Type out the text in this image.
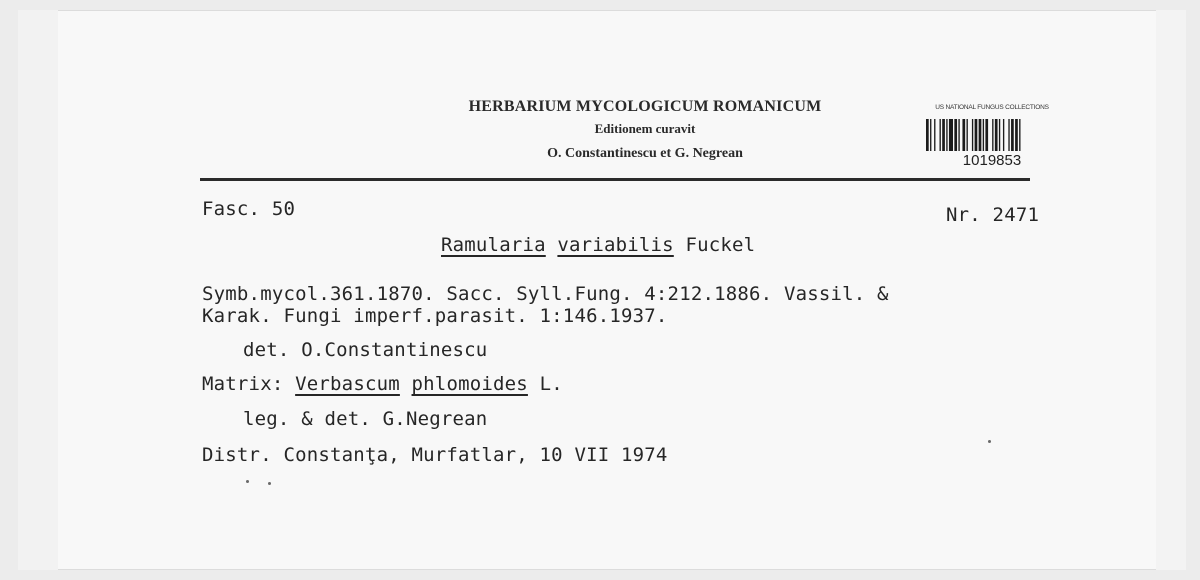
HERBARIUM MYCOLOGICUM ROMANICUM
Editionem curavit
O. Constantinescu et G. Negrean
US NATIONAL FUNGUS COLLECTIONS
1019853
Fasc. 50	Nr. 2471
Ramularia variabilis Fuckel
Symb.mycol.361.1870. Sacc. Syll.Fung. 4:212.1886. Vassil. &
Karak. Fungi imperf.parasit. 1:146.1937.
det. O.Constantinescu
Matrix: Verbascum phlomoides L.
leg. & det. G.Negrean
Distr. Constanţa, Murfatlar, 10 VII 1974
